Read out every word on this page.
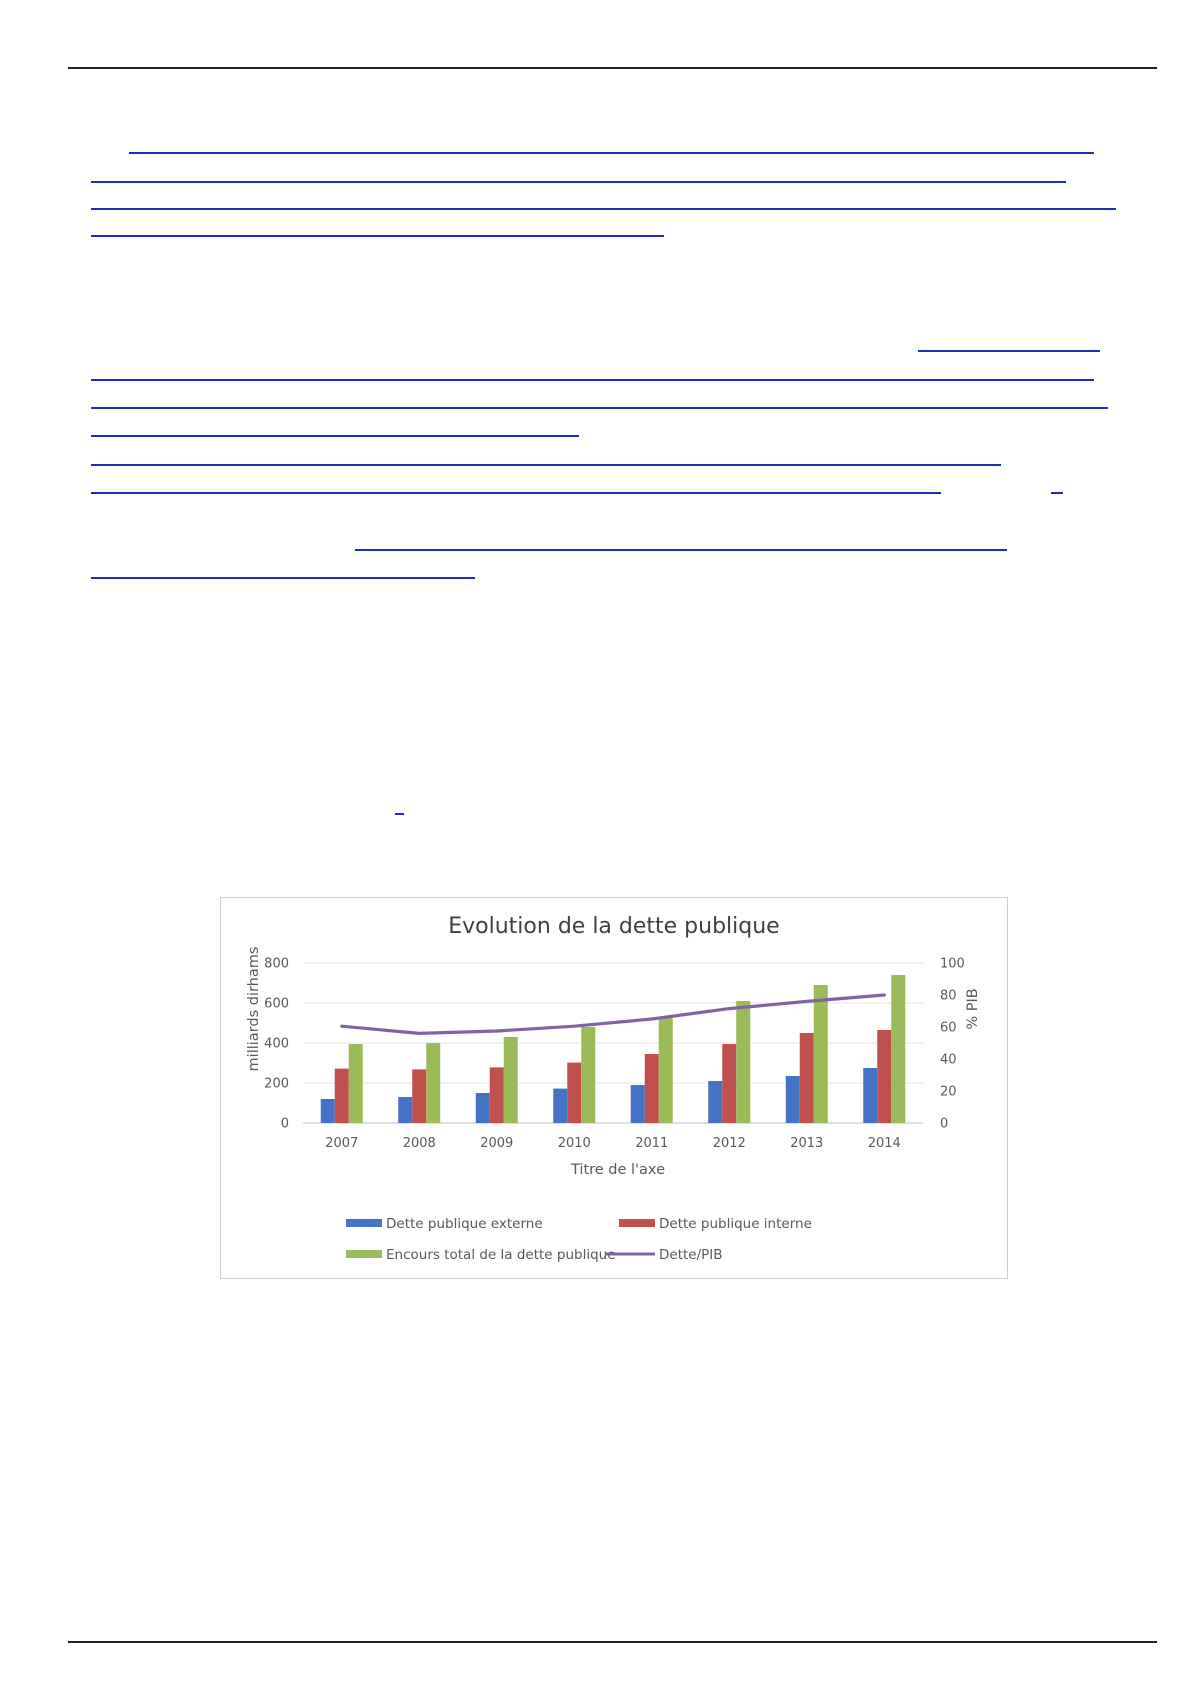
Evolution de la dette publique
milliards dirhams	% PIB
Titre de l'axe
0
200
400
600
800
0
20
40
60
80
100
2007	2008	2009	2010	2011	2012	2013	2014
Dette publique externe	Dette publique interne
Encours total de la dette publique	Dette/PIB
